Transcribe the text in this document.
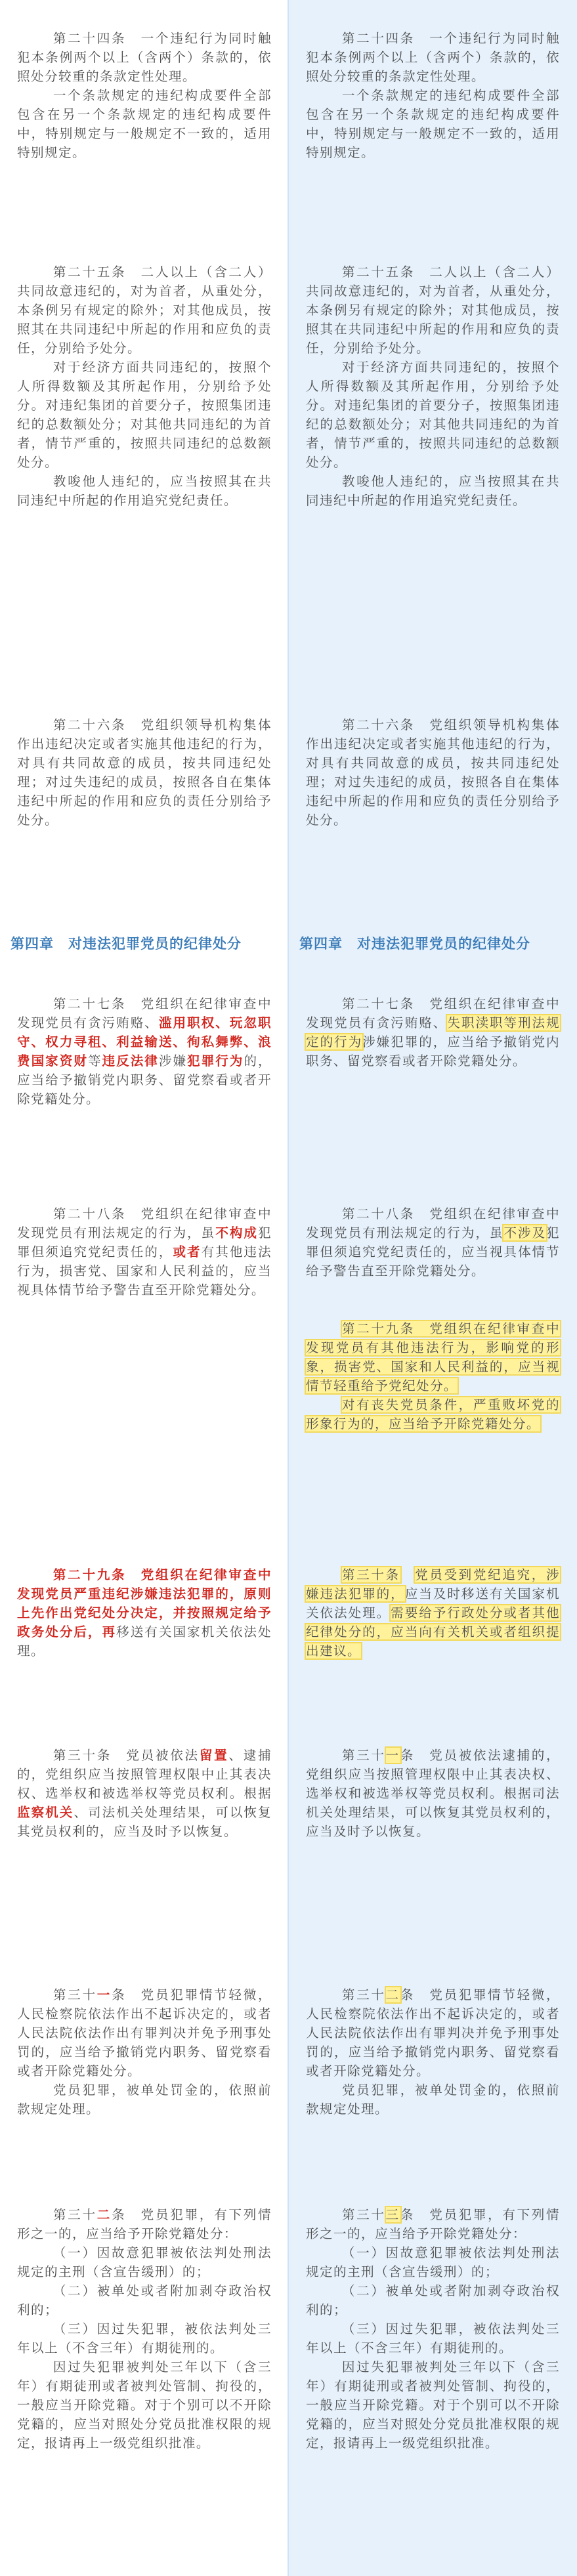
第二十四条　一个违纪行为同时触犯本条例两个以上（含两个）条款的，依照处分较重的条款定性处理。

一个条款规定的违纪构成要件全部包含在另一个条款规定的违纪构成要件中，特别规定与一般规定不一致的，适用特别规定。

第二十五条　二人以上（含二人）共同故意违纪的，对为首者，从重处分，本条例另有规定的除外；对其他成员，按照其在共同违纪中所起的作用和应负的责任，分别给予处分。

对于经济方面共同违纪的，按照个人所得数额及其所起作用，分别给予处分。对违纪集团的首要分子，按照集团违纪的总数额处分；对其他共同违纪的为首者，情节严重的，按照共同违纪的总数额处分。

教唆他人违纪的，应当按照其在共同违纪中所起的作用追究党纪责任。

第二十六条　党组织领导机构集体作出违纪决定或者实施其他违纪的行为，对具有共同故意的成员，按共同违纪处理；对过失违纪的成员，按照各自在集体违纪中所起的作用和应负的责任分别给予处分。

第四章　对违法犯罪党员的纪律处分

第二十七条　党组织在纪律审查中发现党员有贪污贿赂、滥用职权、玩忽职守、权力寻租、利益输送、徇私舞弊、浪费国家资财等违反法律涉嫌犯罪行为的，应当给予撤销党内职务、留党察看或者开除党籍处分。

第二十八条　党组织在纪律审查中发现党员有刑法规定的行为，虽不构成犯罪但须追究党纪责任的，或者有其他违法行为，损害党、国家和人民利益的，应当视具体情节给予警告直至开除党籍处分。

第二十九条　党组织在纪律审查中发现党员严重违纪涉嫌违法犯罪的，原则上先作出党纪处分决定，并按照规定给予政务处分后，再移送有关国家机关依法处理。

第三十条　党员被依法留置、逮捕的，党组织应当按照管理权限中止其表决权、选举权和被选举权等党员权利。根据监察机关、司法机关处理结果，可以恢复其党员权利的，应当及时予以恢复。

第三十一条　党员犯罪情节轻微，人民检察院依法作出不起诉决定的，或者人民法院依法作出有罪判决并免予刑事处罚的，应当给予撤销党内职务、留党察看或者开除党籍处分。

党员犯罪，被单处罚金的，依照前款规定处理。

第三十二条　党员犯罪，有下列情形之一的，应当给予开除党籍处分：

（一）因故意犯罪被依法判处刑法规定的主刑（含宣告缓刑）的；

（二）被单处或者附加剥夺政治权利的；

（三）因过失犯罪，被依法判处三年以上（不含三年）有期徒刑的。

因过失犯罪被判处三年以下（含三年）有期徒刑或者被判处管制、拘役的，一般应当开除党籍。对于个别可以不开除党籍的，应当对照处分党员批准权限的规定，报请再上一级党组织批准。

第二十四条　一个违纪行为同时触犯本条例两个以上（含两个）条款的，依照处分较重的条款定性处理。

一个条款规定的违纪构成要件全部包含在另一个条款规定的违纪构成要件中，特别规定与一般规定不一致的，适用特别规定。

第二十五条　二人以上（含二人）共同故意违纪的，对为首者，从重处分，本条例另有规定的除外；对其他成员，按照其在共同违纪中所起的作用和应负的责任，分别给予处分。

对于经济方面共同违纪的，按照个人所得数额及其所起作用，分别给予处分。对违纪集团的首要分子，按照集团违纪的总数额处分；对其他共同违纪的为首者，情节严重的，按照共同违纪的总数额处分。

教唆他人违纪的，应当按照其在共同违纪中所起的作用追究党纪责任。

第二十六条　党组织领导机构集体作出违纪决定或者实施其他违纪的行为，对具有共同故意的成员，按共同违纪处理；对过失违纪的成员，按照各自在集体违纪中所起的作用和应负的责任分别给予处分。

第四章　对违法犯罪党员的纪律处分

第二十七条　党组织在纪律审查中发现党员有贪污贿赂、失职渎职等刑法规定的行为涉嫌犯罪的，应当给予撤销党内职务、留党察看或者开除党籍处分。

第二十八条　党组织在纪律审查中发现党员有刑法规定的行为，虽不涉及犯罪但须追究党纪责任的，应当视具体情节给予警告直至开除党籍处分。

第二十九条　党组织在纪律审查中发现党员有其他违法行为，影响党的形象，损害党、国家和人民利益的，应当视情节轻重给予党纪处分。

对有丧失党员条件，严重败坏党的形象行为的，应当给予开除党籍处分。

第三十条　 党员受到党纪追究，涉嫌违法犯罪的，应当及时移送有关国家机关依法处理。需要给予行政处分或者其他纪律处分的，应当向有关机关或者组织提出建议。

第三十一条　党员被依法逮捕的，党组织应当按照管理权限中止其表决权、选举权和被选举权等党员权利。根据司法机关处理结果，可以恢复其党员权利的，应当及时予以恢复。

第三十二条　党员犯罪情节轻微，人民检察院依法作出不起诉决定的，或者人民法院依法作出有罪判决并免予刑事处罚的，应当给予撤销党内职务、留党察看或者开除党籍处分。

党员犯罪，被单处罚金的，依照前款规定处理。

第三十三条　党员犯罪，有下列情形之一的，应当给予开除党籍处分：

（一）因故意犯罪被依法判处刑法规定的主刑（含宣告缓刑）的；

（二）被单处或者附加剥夺政治权利的；

（三）因过失犯罪，被依法判处三年以上（不含三年）有期徒刑的。

因过失犯罪被判处三年以下（含三年）有期徒刑或者被判处管制、拘役的，一般应当开除党籍。对于个别可以不开除党籍的，应当对照处分党员批准权限的规定，报请再上一级党组织批准。
